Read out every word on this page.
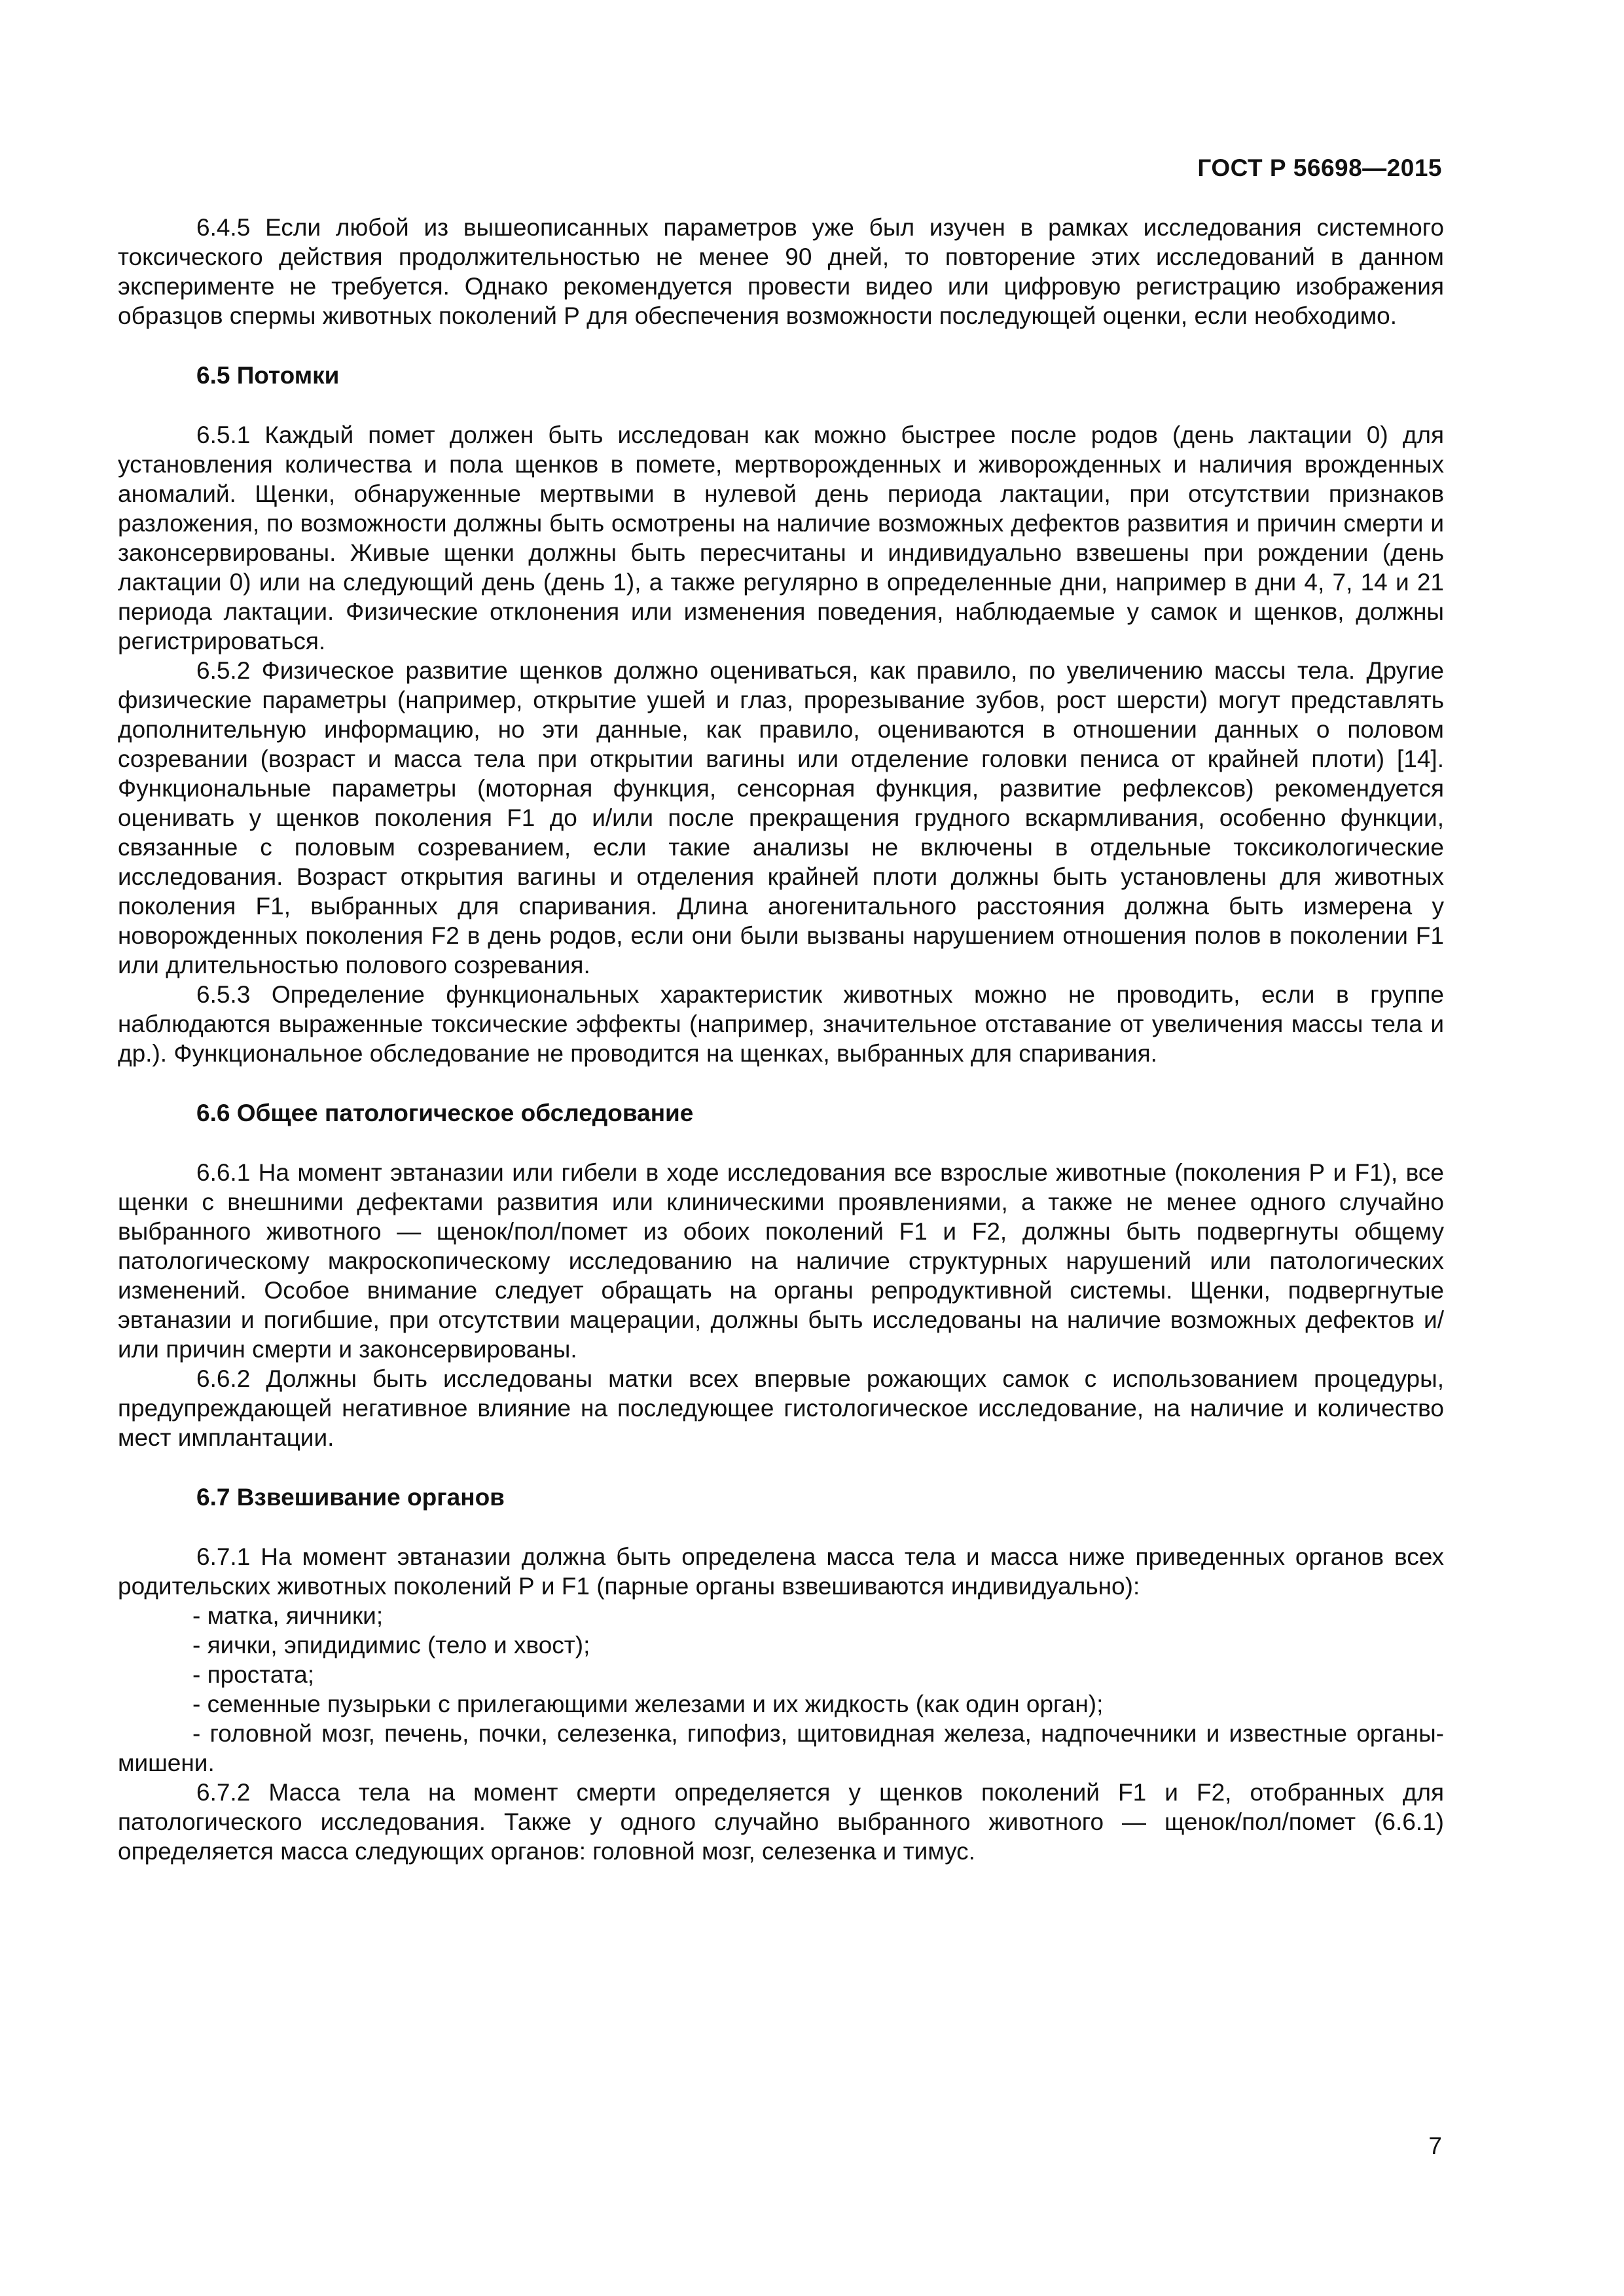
ГОСТ Р 56698—2015

6.4.5 Если любой из вышеописанных параметров уже был изучен в рамках исследования системного токсического действия продолжительностью не менее 90 дней, то повторение этих исследований в данном эксперименте не требуется. Однако рекомендуется провести видео или цифровую регистрацию изображения образцов спермы животных поколений Р для обеспечения возможности последующей оценки, если необходимо.

6.5 Потомки

6.5.1 Каждый помет должен быть исследован как можно быстрее после родов (день лактации 0) для установления количества и пола щенков в помете, мертворожденных и живорожденных и наличия врожденных аномалий. Щенки, обнаруженные мертвыми в нулевой день периода лактации, при отсутствии признаков разложения, по возможности должны быть осмотрены на наличие возможных дефектов развития и причин смерти и законсервированы. Живые щенки должны быть пересчитаны и индивидуально взвешены при рождении (день лактации 0) или на следующий день (день 1), а также регулярно в определенные дни, например в дни 4, 7, 14 и 21 периода лактации. Физические отклонения или изменения поведения, наблюдаемые у самок и щенков, должны регистрироваться.

6.5.2 Физическое развитие щенков должно оцениваться, как правило, по увеличению массы тела. Другие физические параметры (например, открытие ушей и глаз, прорезывание зубов, рост шерсти) могут представлять дополнительную информацию, но эти данные, как правило, оцениваются в отношении данных о половом созревании (возраст и масса тела при открытии вагины или отделение головки пениса от крайней плоти) [14]. Функциональные параметры (моторная функция, сенсорная функция, развитие рефлексов) рекомендуется оценивать у щенков поколения F1 до и/или после прекращения грудного вскармливания, особенно функции, связанные с половым созреванием, если такие анализы не включены в отдельные токсикологические исследования. Возраст открытия вагины и отделения крайней плоти должны быть установлены для животных поколения F1, выбранных для спаривания. Длина аногенитального расстояния должна быть измерена у новорожденных поколения F2 в день родов, если они были вызваны нарушением отношения полов в поколении F1 или длительностью полового созревания.

6.5.3 Определение функциональных характеристик животных можно не проводить, если в группе наблюдаются выраженные токсические эффекты (например, значительное отставание от увеличения массы тела и др.). Функциональное обследование не проводится на щенках, выбранных для спаривания.

6.6 Общее патологическое обследование

6.6.1 На момент эвтаназии или гибели в ходе исследования все взрослые животные (поколения Р и F1), все щенки с внешними дефектами развития или клиническими проявлениями, а также не менее одного случайно выбранного животного — щенок/пол/помет из обоих поколений F1 и F2, должны быть подвергнуты общему патологическому макроскопическому исследованию на наличие структурных нарушений или патологических изменений. Особое внимание следует обращать на органы репродуктивной системы. Щенки, подвергнутые эвтаназии и погибшие, при отсутствии мацерации, должны быть исследованы на наличие возможных дефектов и/или причин смерти и законсервированы.

6.6.2 Должны быть исследованы матки всех впервые рожающих самок с использованием процедуры, предупреждающей негативное влияние на последующее гистологическое исследование, на наличие и количество мест имплантации.

6.7 Взвешивание органов

6.7.1 На момент эвтаназии должна быть определена масса тела и масса ниже приведенных органов всех родительских животных поколений Р и F1 (парные органы взвешиваются индивидуально):

- матка, яичники;

- яички, эпидидимис (тело и хвост);

- простата;

- семенные пузырьки с прилегающими железами и их жидкость (как один орган);

- головной мозг, печень, почки, селезенка, гипофиз, щитовидная железа, надпочечники и известные органы-мишени.

6.7.2 Масса тела на момент смерти определяется у щенков поколений F1 и F2, отобранных для патологического исследования. Также у одного случайно выбранного животного — щенок/пол/помет (6.6.1) определяется масса следующих органов: головной мозг, селезенка и тимус.

7
